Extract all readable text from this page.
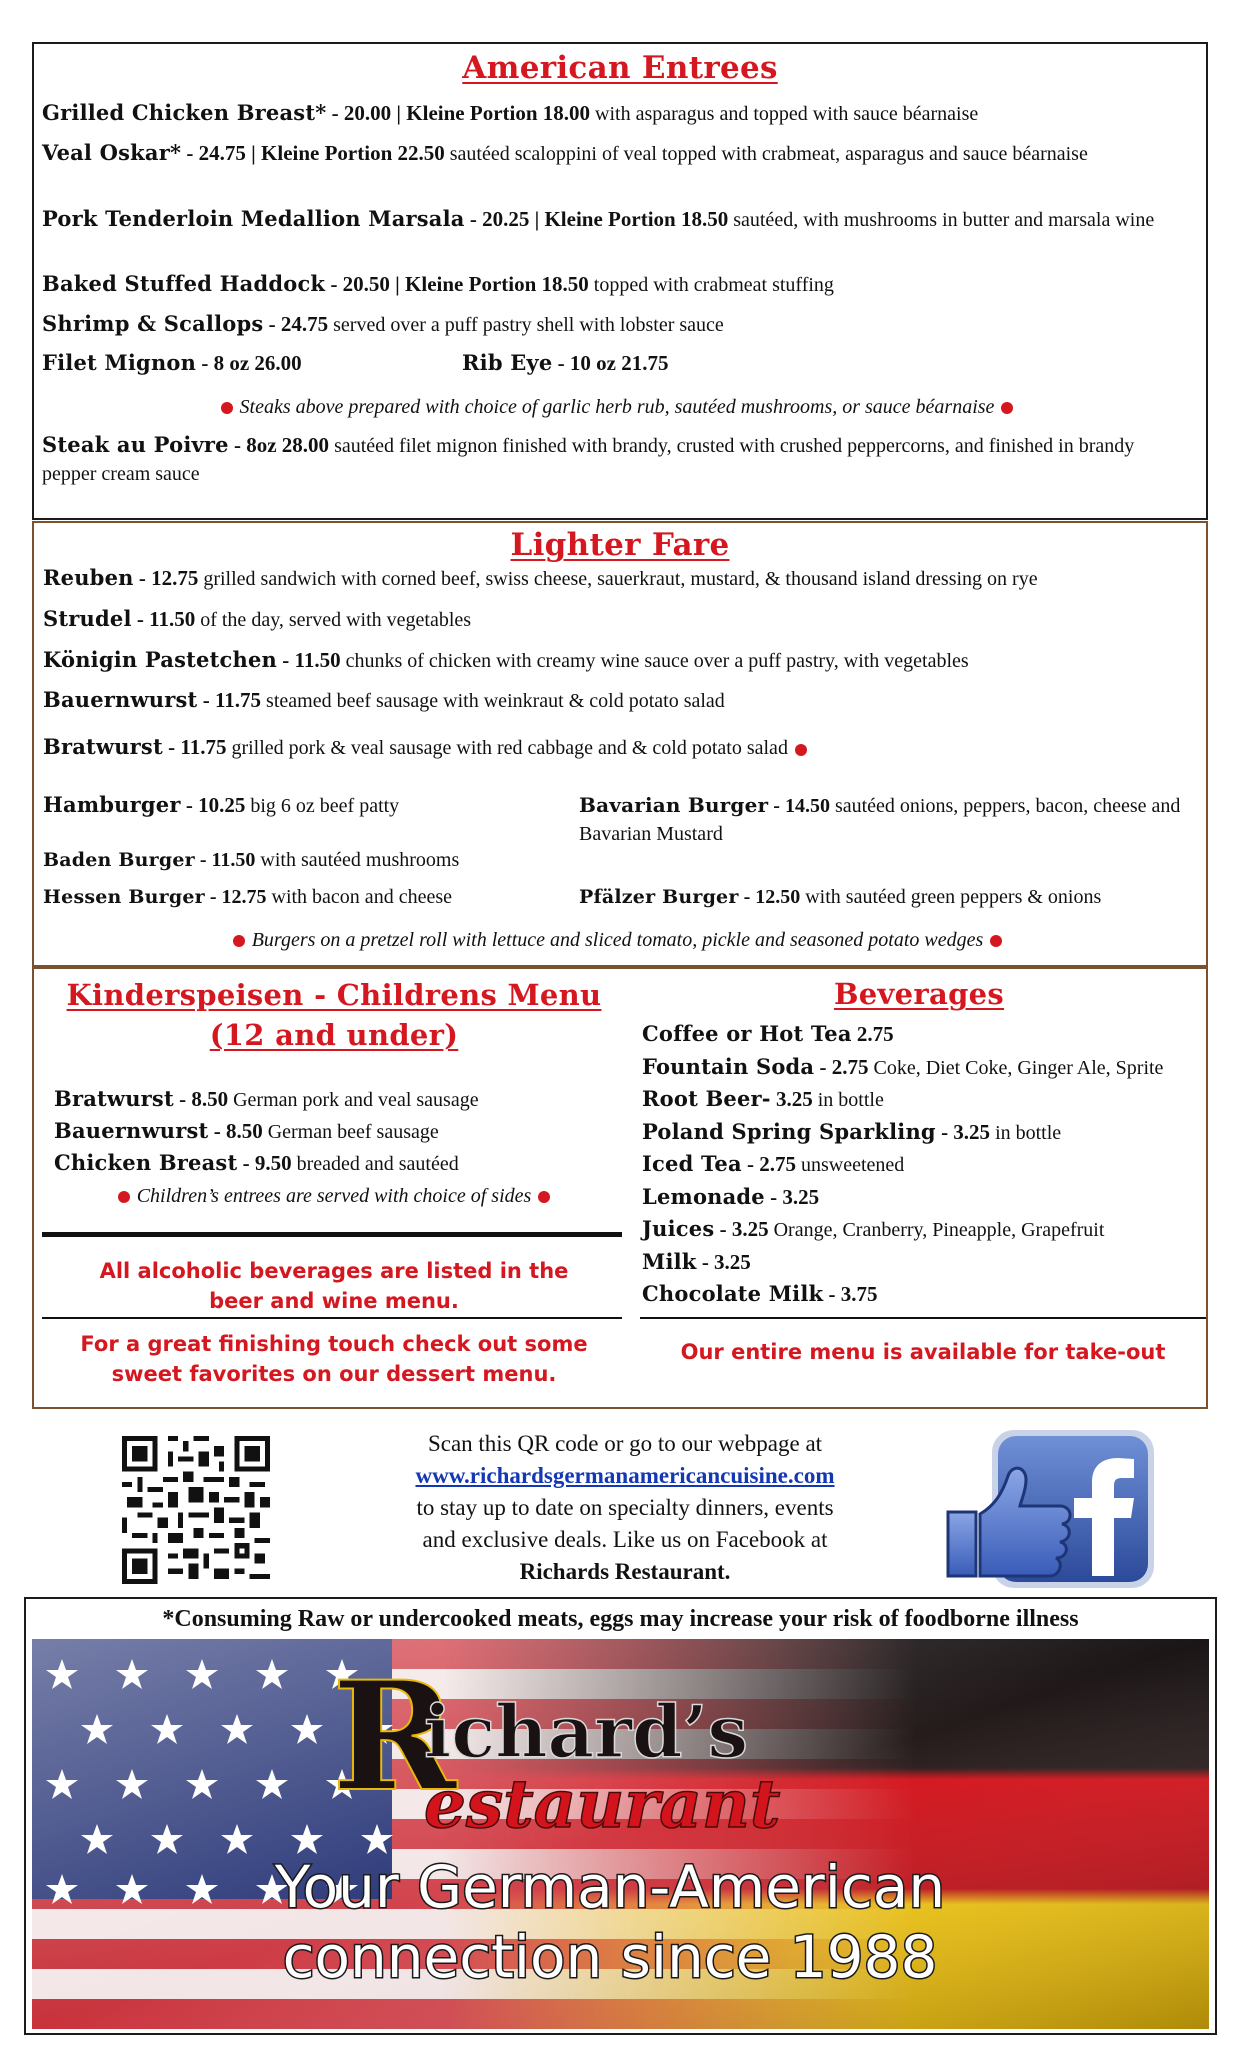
American Entrees
Grilled Chicken Breast* - 20.00 | Kleine Portion 18.00 with asparagus and topped with sauce béarnaise
Veal Oskar* - 24.75 | Kleine Portion 22.50 sautéed scaloppini of veal topped with crabmeat, asparagus and sauce béarnaise
Pork Tenderloin Medallion Marsala - 20.25 | Kleine Portion 18.50 sautéed, with mushrooms in butter and marsala wine
Baked Stuffed Haddock - 20.50 | Kleine Portion 18.50 topped with crabmeat stuffing
Shrimp & Scallops - 24.75 served over a puff pastry shell with lobster sauce
Filet Mignon - 8 oz 26.00	Rib Eye - 10 oz 21.75
Steaks above prepared with choice of garlic herb rub, sautéed mushrooms, or sauce béarnaise
Steak au Poivre - 8oz 28.00 sautéed filet mignon finished with brandy, crusted with crushed peppercorns, and finished in brandy pepper cream sauce
Lighter Fare
Reuben - 12.75 grilled sandwich with corned beef, swiss cheese, sauerkraut, mustard, & thousand island dressing on rye
Strudel - 11.50 of the day, served with vegetables
Königin Pastetchen - 11.50 chunks of chicken with creamy wine sauce over a puff pastry, with vegetables
Bauernwurst - 11.75 steamed beef sausage with weinkraut & cold potato salad
Bratwurst - 11.75 grilled pork & veal sausage with red cabbage and & cold potato salad
Hamburger - 10.25 big 6 oz beef patty	Bavarian Burger - 14.50 sautéed onions, peppers, bacon, cheese and Bavarian Mustard
Baden Burger - 11.50 with sautéed mushrooms
Hessen Burger - 12.75 with bacon and cheese	Pfälzer Burger - 12.50 with sautéed green peppers & onions
Burgers on a pretzel roll with lettuce and sliced tomato, pickle and seasoned potato wedges
Kinderspeisen - Childrens Menu
(12 and under)
Bratwurst - 8.50 German pork and veal sausage
Bauernwurst - 8.50 German beef sausage
Chicken Breast - 9.50 breaded and sautéed
Children’s entrees are served with choice of sides
All alcoholic beverages are listed in the beer and wine menu.
For a great finishing touch check out some sweet favorites on our dessert menu.
Beverages
Coffee or Hot Tea 2.75
Fountain Soda - 2.75 Coke, Diet Coke, Ginger Ale, Sprite
Root Beer- 3.25 in bottle
Poland Spring Sparkling - 3.25 in bottle
Iced Tea - 2.75 unsweetened
Lemonade - 3.25
Juices - 3.25 Orange, Cranberry, Pineapple, Grapefruit
Milk - 3.25
Chocolate Milk - 3.75
Our entire menu is available for take-out
Scan this QR code or go to our webpage at
www.richardsgermanamericancuisine.com
to stay up to date on specialty dinners, events
and exclusive deals. Like us on Facebook at
Richards Restaurant.
*Consuming Raw or undercooked meats, eggs may increase your risk of foodborne illness
R
ichard’s
estaurant
Your German-American
connection since 1988
